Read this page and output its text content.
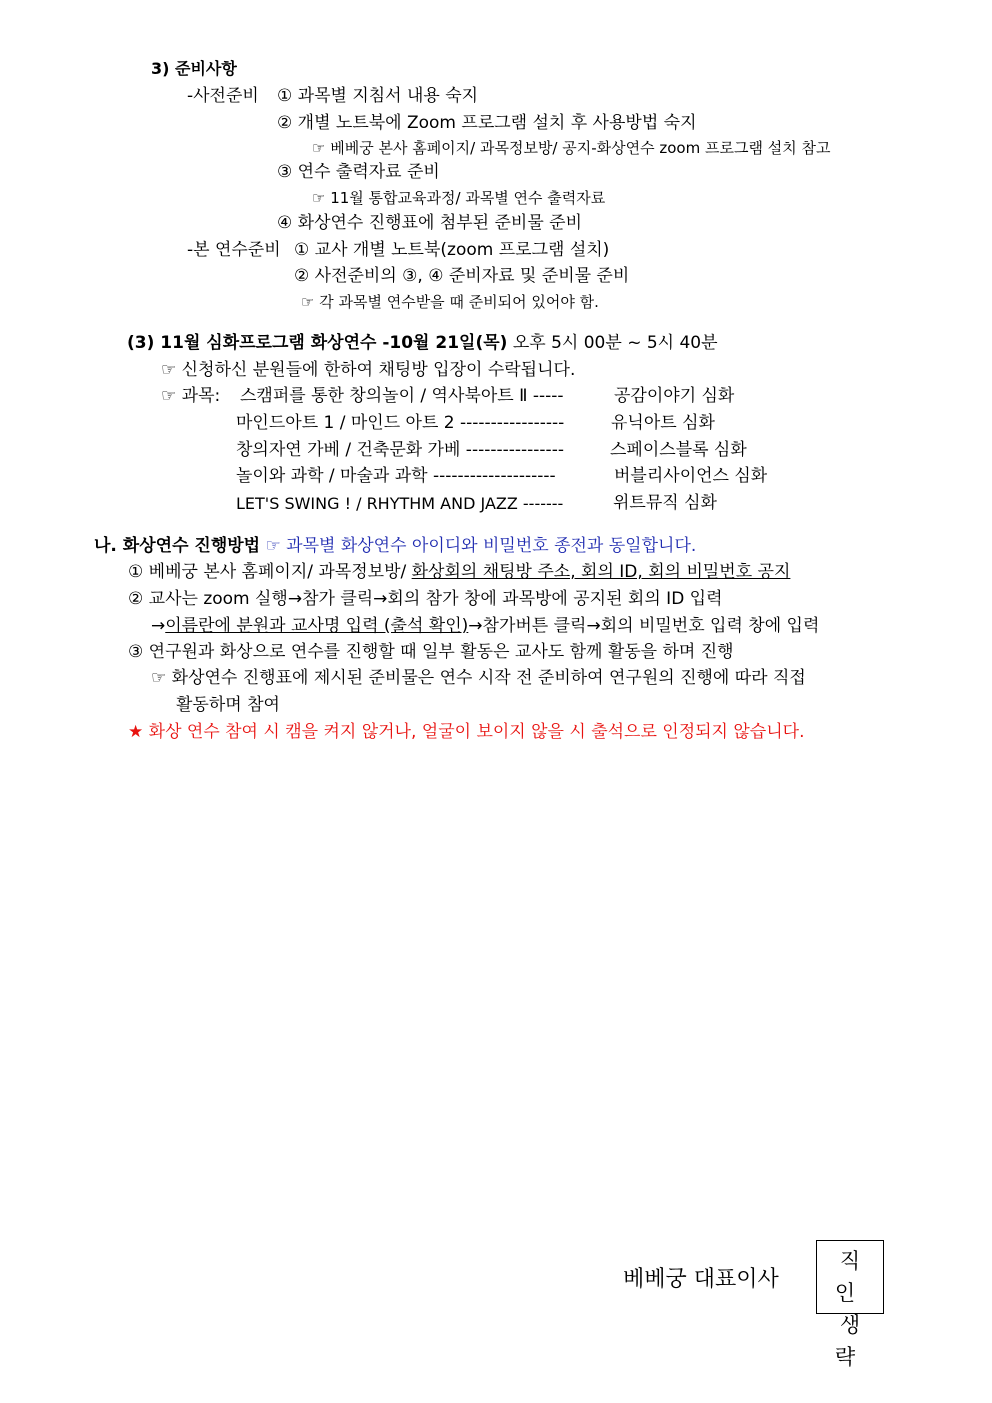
3) 준비사항
-사전준비 ① 과목별 지침서 내용 숙지
② 개별 노트북에 Zoom 프로그램 설치 후 사용방법 숙지
☞ 베베궁 본사 홈페이지/ 과목정보방/ 공지-화상연수 zoom 프로그램 설치 참고
③ 연수 출력자료 준비
☞ 11월 통합교육과정/ 과목별 연수 출력자료
④ 화상연수 진행표에 첨부된 준비물 준비
-본 연수준비 ① 교사 개별 노트북(zoom 프로그램 설치)
② 사전준비의 ③, ④ 준비자료 및 준비물 준비
☞ 각 과목별 연수받을 때 준비되어 있어야 함.
(3) 11월 심화프로그램 화상연수 -10월 21일(목) 오후 5시 00분 ~ 5시 40분
☞ 신청하신 분원들에 한하여 채팅방 입장이 수락됩니다.
☞ 과목: 스캠퍼를 통한 창의놀이 / 역사북아트 Ⅱ -----	공감이야기 심화
마인드아트 1 / 마인드 아트 2 -----------------	유닉아트 심화
창의자연 가베 / 건축문화 가베 ----------------	스페이스블록 심화
놀이와 과학 / 마술과 과학 --------------------	버블리사이언스 심화
LET'S SWING ! / RHYTHM AND JAZZ -------	위트뮤직 심화
나. 화상연수 진행방법 ☞ 과목별 화상연수 아이디와 비밀번호 종전과 동일합니다.
① 베베궁 본사 홈페이지/ 과목정보방/ 화상회의 채팅방 주소, 회의 ID, 회의 비밀번호 공지
② 교사는 zoom 실행→참가 클릭→회의 참가 창에 과목방에 공지된 회의 ID 입력
→이름란에 분원과 교사명 입력 (출석 확인)→참가버튼 클릭→회의 비밀번호 입력 창에 입력
③ 연구원과 화상으로 연수를 진행할 때 일부 활동은 교사도 함께 활동을 하며 진행
☞ 화상연수 진행표에 제시된 준비물은 연수 시작 전 준비하여 연구원의 진행에 따라 직접
활동하며 참여
★ 화상 연수 참여 시 캠을 켜지 않거나, 얼굴이 보이지 않을 시 출석으로 인정되지 않습니다.
베베궁 대표이사
직인
생략
